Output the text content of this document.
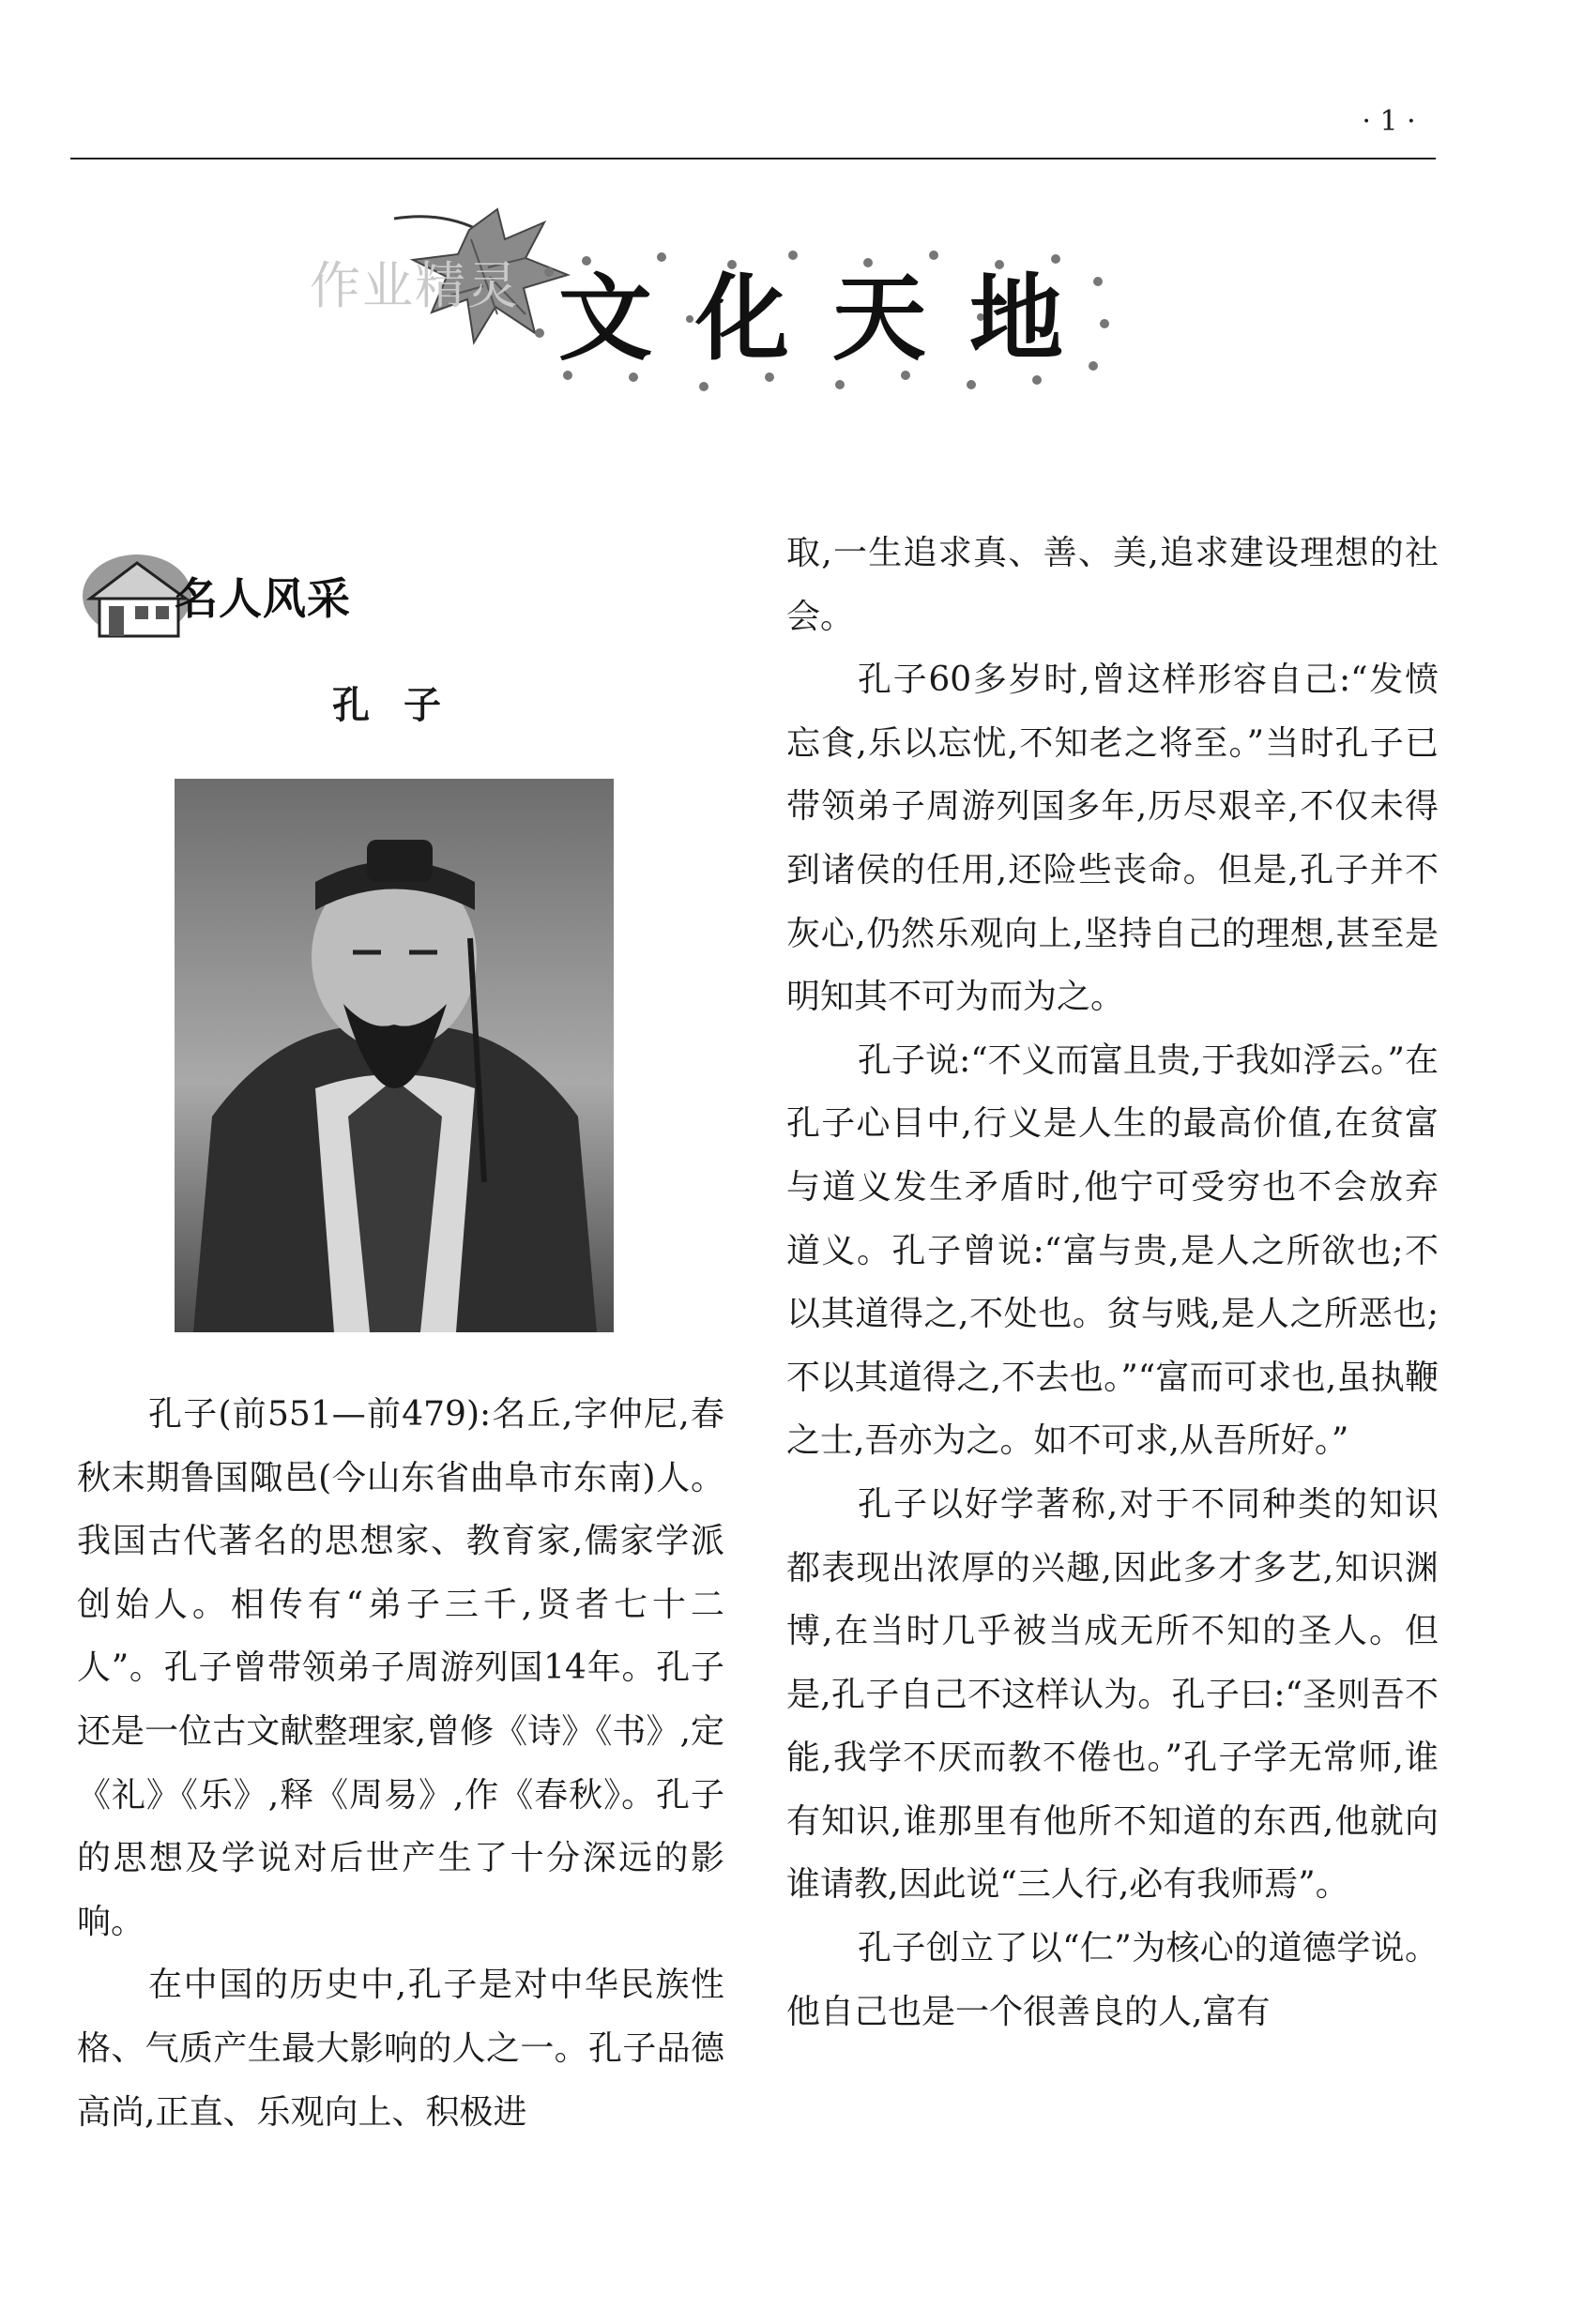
· 1 ·
作业精灵 文化天地
名人风采
孔子

孔子(前551—前479):名丘,字仲尼,春秋末期鲁国陬邑(今山东省曲阜市东南)人。我国古代著名的思想家、教育家,儒家学派创始人。相传有“弟子三千,贤者七十二人”。孔子曾带领弟子周游列国14年。孔子还是一位古文献整理家,曾修《诗》《书》,定《礼》《乐》,释《周易》,作《春秋》。孔子的思想及学说对后世产生了十分深远的影响。

在中国的历史中,孔子是对中华民族性格、气质产生最大影响的人之一。孔子品德高尚,正直、乐观向上、积极进

取,一生追求真、善、美,追求建设理想的社会。

孔子60多岁时,曾这样形容自己:“发愤忘食,乐以忘忧,不知老之将至。”当时孔子已带领弟子周游列国多年,历尽艰辛,不仅未得到诸侯的任用,还险些丧命。但是,孔子并不灰心,仍然乐观向上,坚持自己的理想,甚至是明知其不可为而为之。

孔子说:“不义而富且贵,于我如浮云。”在孔子心目中,行义是人生的最高价值,在贫富与道义发生矛盾时,他宁可受穷也不会放弃道义。孔子曾说:“富与贵,是人之所欲也;不以其道得之,不处也。贫与贱,是人之所恶也;不以其道得之,不去也。”“富而可求也,虽执鞭之士,吾亦为之。如不可求,从吾所好。”

孔子以好学著称,对于不同种类的知识都表现出浓厚的兴趣,因此多才多艺,知识渊博,在当时几乎被当成无所不知的圣人。但是,孔子自己不这样认为。孔子曰:“圣则吾不能,我学不厌而教不倦也。”孔子学无常师,谁有知识,谁那里有他所不知道的东西,他就向谁请教,因此说“三人行,必有我师焉”。

孔子创立了以“仁”为核心的道德学说。他自己也是一个很善良的人,富有
